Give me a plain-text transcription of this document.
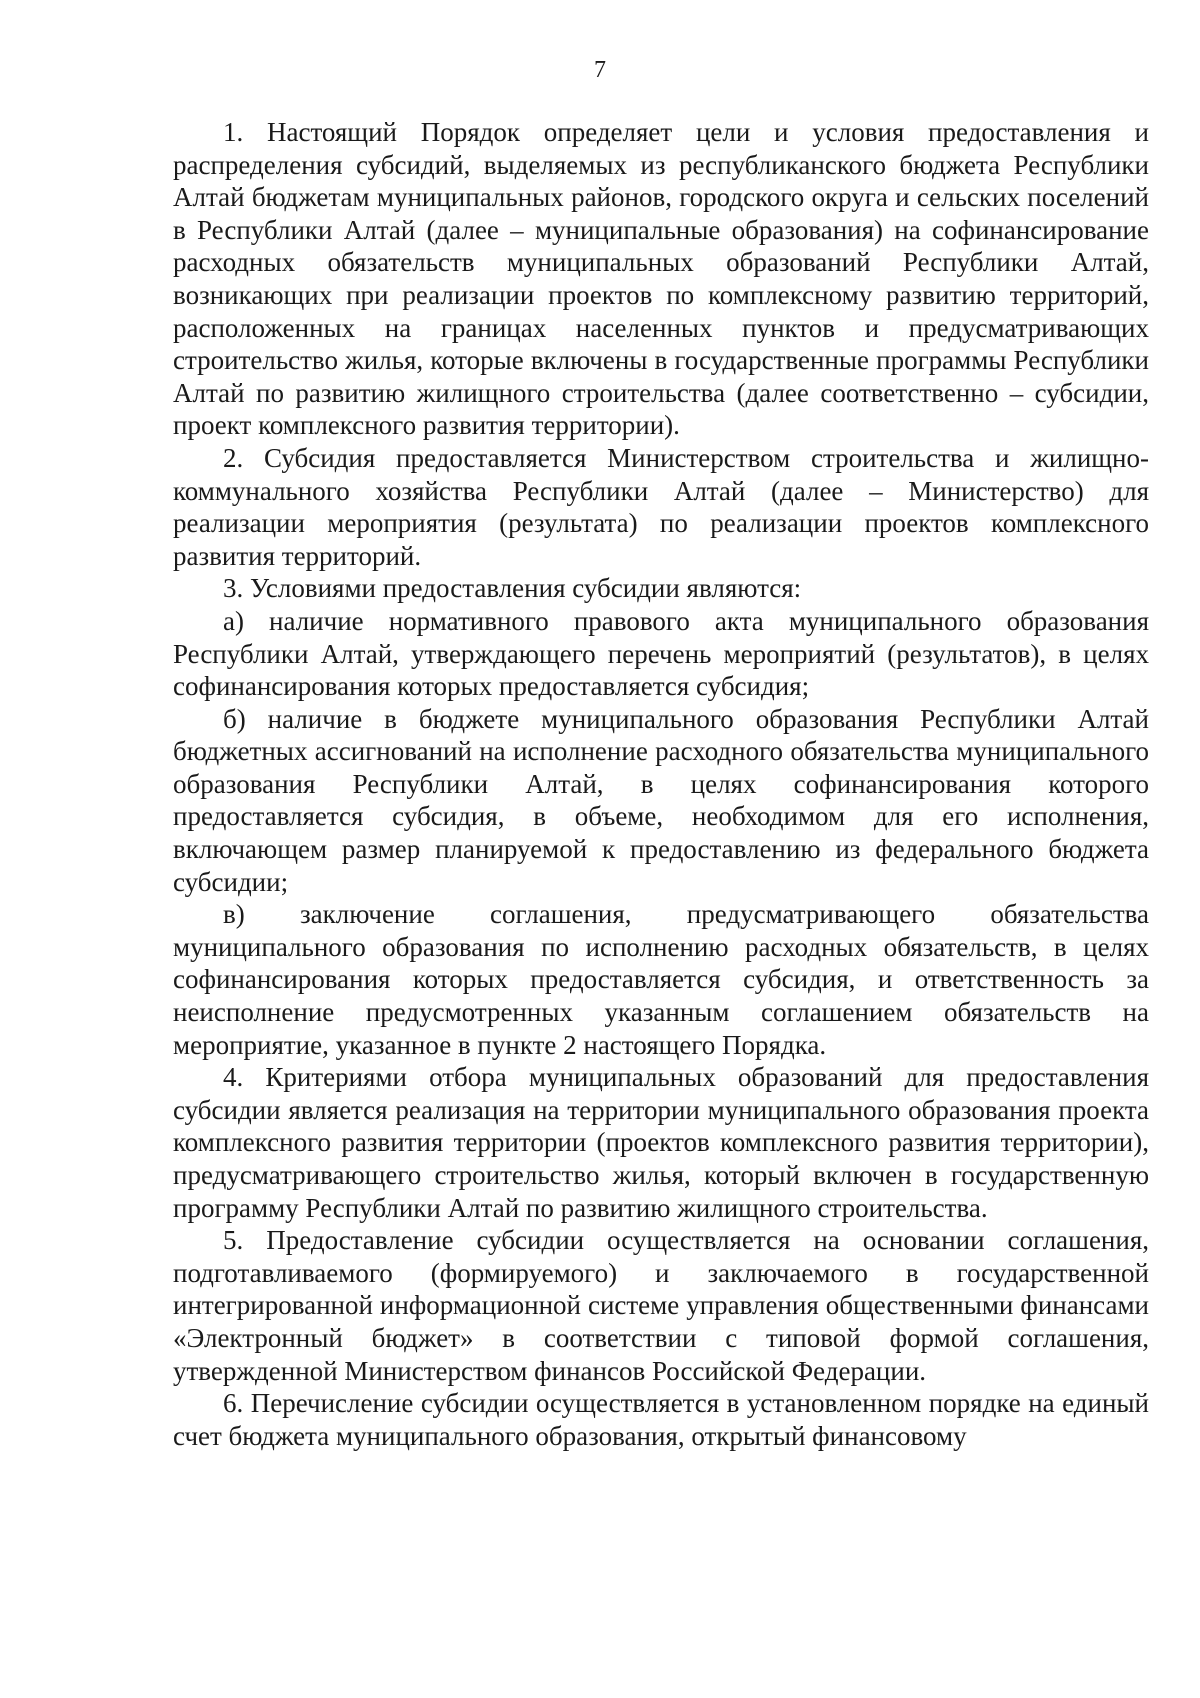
7

1. Настоящий Порядок определяет цели и условия предоставления и распределения субсидий, выделяемых из республиканского бюджета Республики Алтай бюджетам муниципальных районов, городского округа и сельских поселений в Республики Алтай (далее – муниципальные образования) на софинансирование расходных обязательств муниципальных образований Республики Алтай, возникающих при реализации проектов по комплексному развитию территорий, расположенных на границах населенных пунктов и предусматривающих строительство жилья, которые включены в государственные программы Республики Алтай по развитию жилищного строительства (далее соответственно – субсидии, проект комплексного развития территории).

2. Субсидия предоставляется Министерством строительства и жилищно-коммунального хозяйства Республики Алтай (далее – Министерство) для реализации мероприятия (результата) по реализации проектов комплексного развития территорий.

3. Условиями предоставления субсидии являются:

а) наличие нормативного правового акта муниципального образования Республики Алтай, утверждающего перечень мероприятий (результатов), в целях софинансирования которых предоставляется субсидия;

б) наличие в бюджете муниципального образования Республики Алтай бюджетных ассигнований на исполнение расходного обязательства муниципального образования Республики Алтай, в целях софинансирования которого предоставляется субсидия, в объеме, необходимом для его исполнения, включающем размер планируемой к предоставлению из федерального бюджета субсидии;

в) заключение соглашения, предусматривающего обязательства муниципального образования по исполнению расходных обязательств, в целях софинансирования которых предоставляется субсидия, и ответственность за неисполнение предусмотренных указанным соглашением обязательств на мероприятие, указанное в пункте 2 настоящего Порядка.

4. Критериями отбора муниципальных образований для предоставления субсидии является реализация на территории муниципального образования проекта комплексного развития территории (проектов комплексного развития территории), предусматривающего строительство жилья, который включен в государственную программу Республики Алтай по развитию жилищного строительства.

5. Предоставление субсидии осуществляется на основании соглашения, подготавливаемого (формируемого) и заключаемого в государственной интегрированной информационной системе управления общественными финансами «Электронный бюджет» в соответствии с типовой формой соглашения, утвержденной Министерством финансов Российской Федерации.

6. Перечисление субсидии осуществляется в установленном порядке на единый счет бюджета муниципального образования, открытый финансовому
